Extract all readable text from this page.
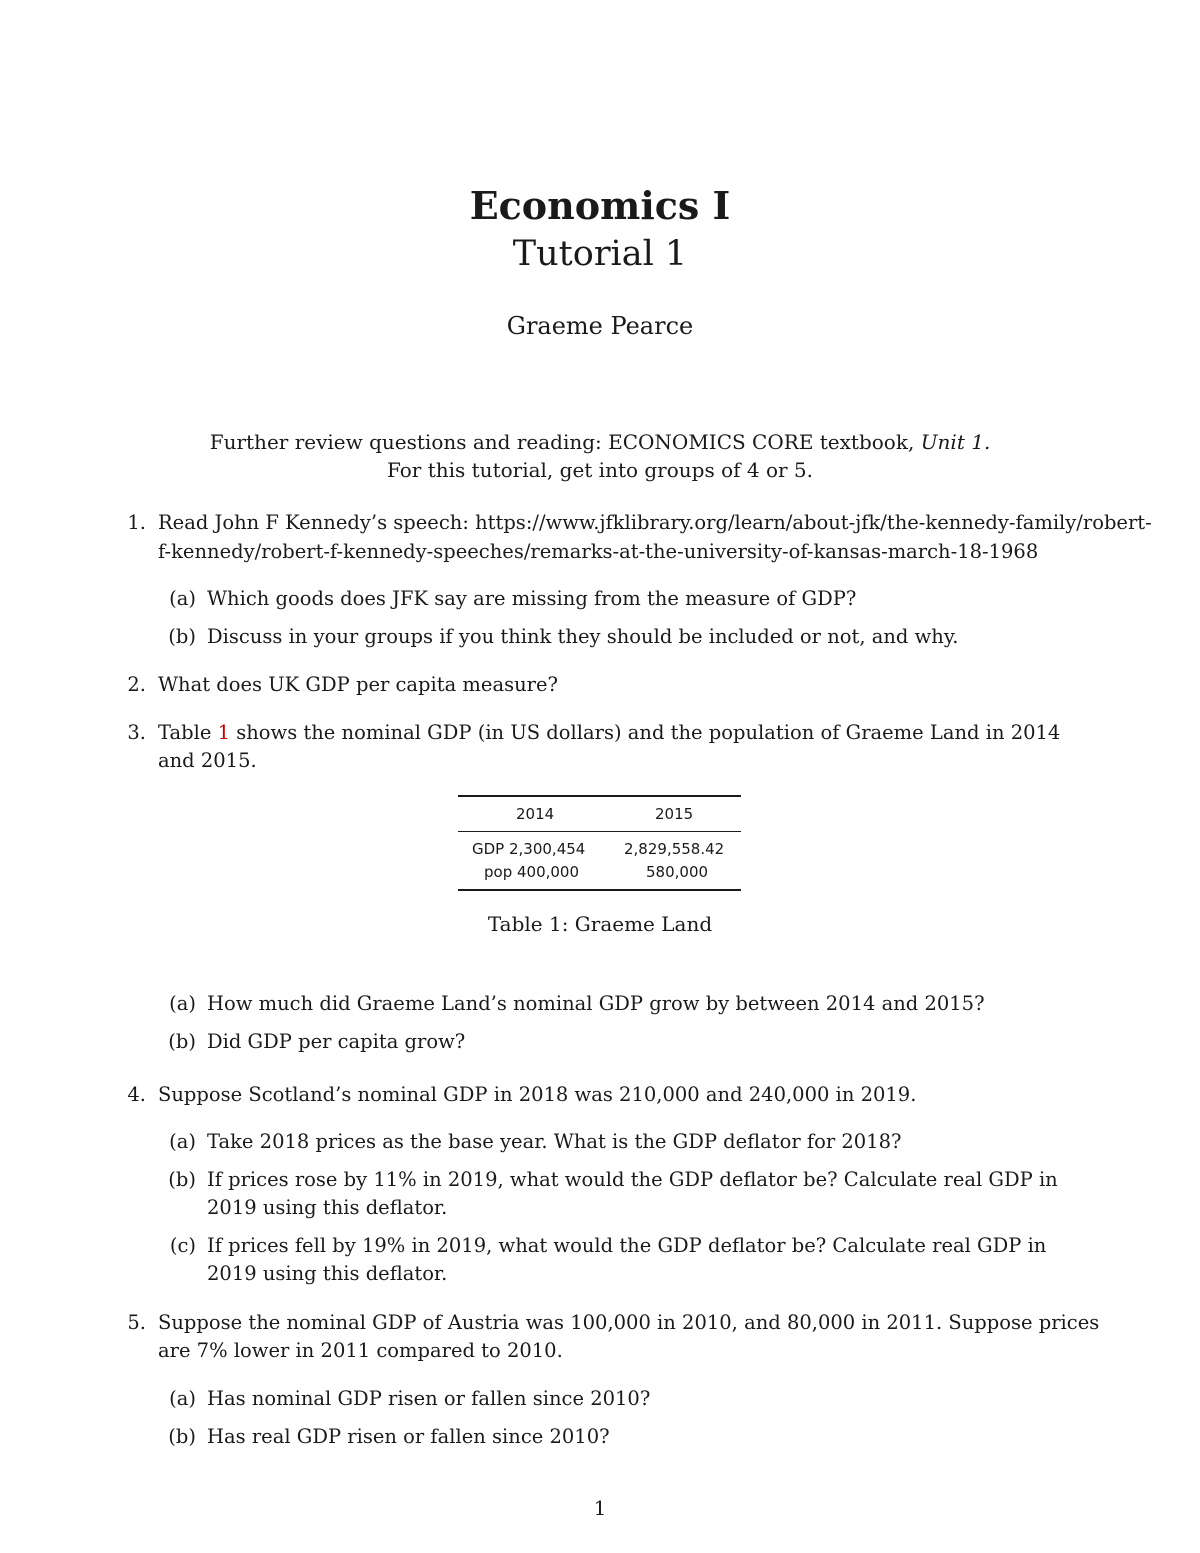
Economics I
Tutorial 1
Graeme Pearce
Further review questions and reading: ECONOMICS CORE textbook, Unit 1.
For this tutorial, get into groups of 4 or 5.
1. Read John F Kennedy’s speech: https://www.jfklibrary.org/learn/about-jfk/the-kennedy-family/robert-
f-kennedy/robert-f-kennedy-speeches/remarks-at-the-university-of-kansas-march-18-1968
(a) Which goods does JFK say are missing from the measure of GDP?
(b) Discuss in your groups if you think they should be included or not, and why.
2. What does UK GDP per capita measure?
3. Table 1 shows the nominal GDP (in US dollars) and the population of Graeme Land in 2014
and 2015.
2014	2015
GDP 2,300,454	2,829,558.42
pop 400,000	580,000
Table 1: Graeme Land
(a) How much did Graeme Land’s nominal GDP grow by between 2014 and 2015?
(b) Did GDP per capita grow?
4. Suppose Scotland’s nominal GDP in 2018 was 210,000 and 240,000 in 2019.
(a) Take 2018 prices as the base year. What is the GDP deflator for 2018?
(b) If prices rose by 11% in 2019, what would the GDP deflator be? Calculate real GDP in
2019 using this deflator.
(c) If prices fell by 19% in 2019, what would the GDP deflator be? Calculate real GDP in
2019 using this deflator.
5. Suppose the nominal GDP of Austria was 100,000 in 2010, and 80,000 in 2011. Suppose prices
are 7% lower in 2011 compared to 2010.
(a) Has nominal GDP risen or fallen since 2010?
(b) Has real GDP risen or fallen since 2010?
1
